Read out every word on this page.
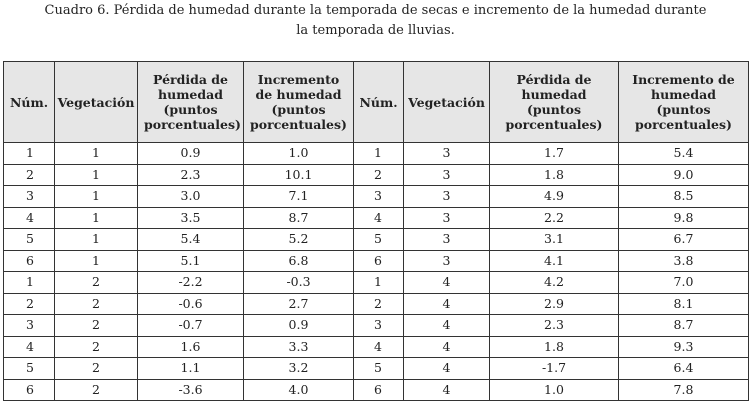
Cuadro 6. Pérdida de humedad durante la temporada de secas e incremento de la humedad durante
la temporada de lluvias.
Núm.	Vegetación	Pérdida de humedad (puntos porcentuales)	Incremento de humedad (puntos porcentuales)	Núm.	Vegetación	Pérdida de humedad (puntos porcentuales)	Incremento de humedad (puntos porcentuales)
1	1	0.9	1.0	1	3	1.7	5.4
2	1	2.3	10.1	2	3	1.8	9.0
3	1	3.0	7.1	3	3	4.9	8.5
4	1	3.5	8.7	4	3	2.2	9.8
5	1	5.4	5.2	5	3	3.1	6.7
6	1	5.1	6.8	6	3	4.1	3.8
1	2	-2.2	-0.3	1	4	4.2	7.0
2	2	-0.6	2.7	2	4	2.9	8.1
3	2	-0.7	0.9	3	4	2.3	8.7
4	2	1.6	3.3	4	4	1.8	9.3
5	2	1.1	3.2	5	4	-1.7	6.4
6	2	-3.6	4.0	6	4	1.0	7.8
